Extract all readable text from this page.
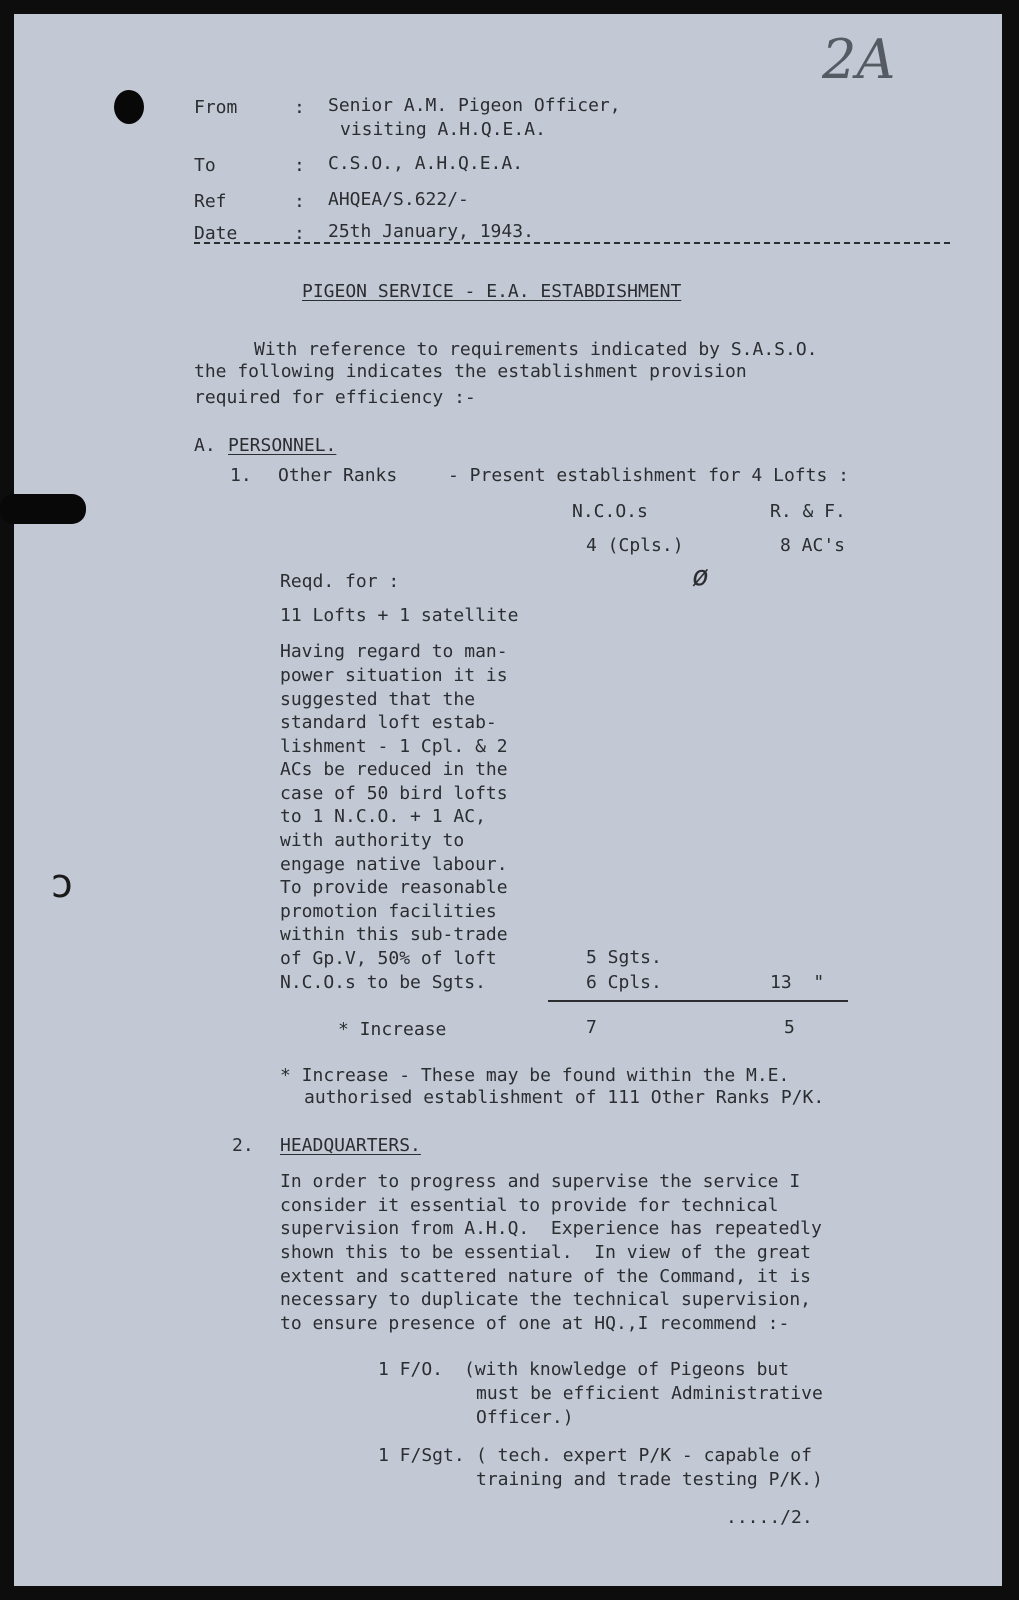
ɔ
2A
From	: Senior A.M. Pigeon Officer,
visiting A.H.Q.E.A.
To	: C.S.O., A.H.Q.E.A.
Ref	: AHQEA/S.622/-
Date	: 25th January, 1943.
PIGEON SERVICE - E.A. ESTABDISHMENT
With reference to requirements indicated by S.A.S.O.
the following indicates the establishment provision
required for efficiency :-
A. PERSONNEL.
1. Other Ranks	- Present establishment for 4 Lofts :
N.C.O.s	R. & F.
4 (Cpls.)	8 AC's
ø
Reqd. for :
11 Lofts + 1 satellite
Having regard to man-
power situation it is
suggested that the
standard loft estab-
lishment - 1 Cpl. & 2
ACs be reduced in the
case of 50 bird lofts
to 1 N.C.O. + 1 AC,
with authority to
engage native labour.
To provide reasonable
promotion facilities
within this sub-trade
of Gp.V, 50% of loft
N.C.O.s to be Sgts.
5 Sgts.
6 Cpls.	13  "
* Increase	7	5
* Increase - These may be found within the M.E.
authorised establishment of 111 Other Ranks P/K.
2. HEADQUARTERS.
In order to progress and supervise the service I
consider it essential to provide for technical
supervision from A.H.Q.  Experience has repeatedly
shown this to be essential.  In view of the great
extent and scattered nature of the Command, it is
necessary to duplicate the technical supervision,
to ensure presence of one at HQ.,I recommend :-
1 F/O. (with knowledge of Pigeons but
must be efficient Administrative
Officer.)
1 F/Sgt. ( tech. expert P/K - capable of
training and trade testing P/K.)
...../2.
